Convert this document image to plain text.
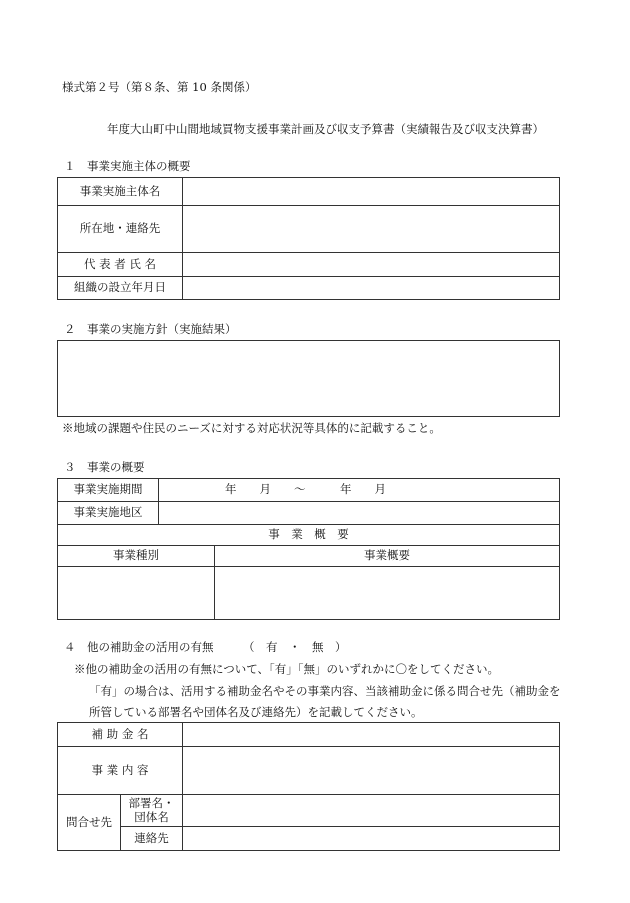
様式第２号（第８条、第 10 条関係）
年度大山町中山間地域買物支援事業計画及び収支予算書（実績報告及び収支決算書）
１　事業実施主体の概要
事業実施主体名	
所在地・連絡先	
代 表 者 氏 名	
組織の設立年月日	
２　事業の実施方針（実施結果）
※地域の課題や住民のニーズに対する対応状況等具体的に記載すること。
３　事業の概要
事業実施期間	年　　月　　～　　　年　　月
事業実施地区	
事　業　概　要	
事業種別	事業概要

４　他の補助金の活用の有無	（　有　・　無　）
※他の補助金の活用の有無について、「有」「無」のいずれかに〇をしてください。
「有」の場合は、活用する補助金名やその事業内容、当該補助金に係る問合せ先（補助金を
所管している部署名や団体名及び連絡先）を記載してください。
補 助 金 名		
事 業 内 容		
問合せ先	部署名・
団体名	

	連絡先	
